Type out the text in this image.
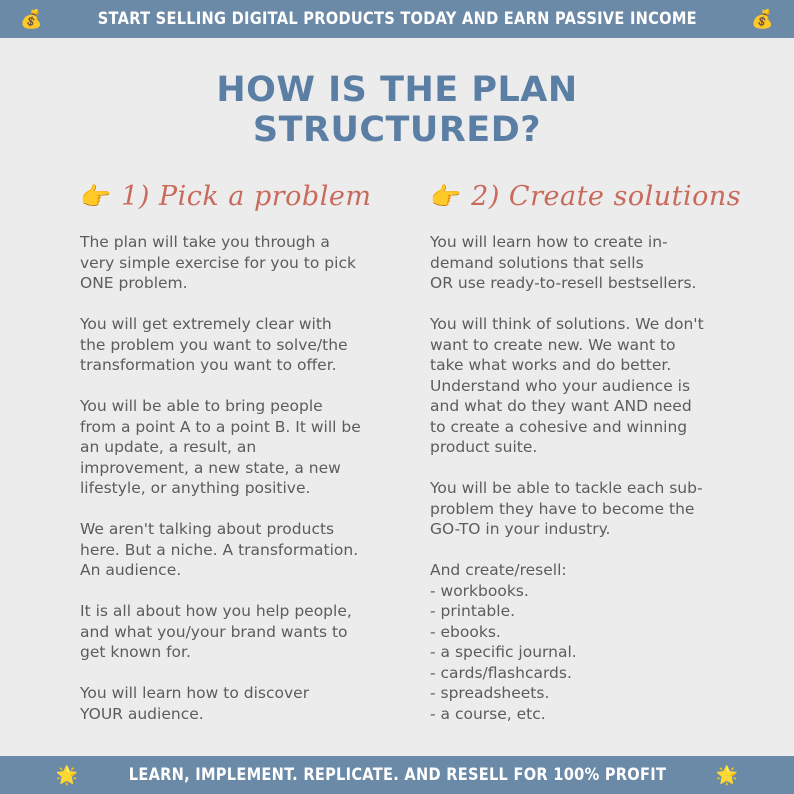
💰	START SELLING DIGITAL PRODUCTS TODAY AND EARN PASSIVE INCOME	💰
HOW IS THE PLAN
STRUCTURED?
👉 1) Pick a problem

The plan will take you through a
very simple exercise for you to pick
ONE problem.

You will get extremely clear with
the problem you want to solve/the
transformation you want to offer.

You will be able to bring people
from a point A to a point B. It will be
an update, a result, an
improvement, a new state, a new
lifestyle, or anything positive.

We aren't talking about products
here. But a niche. A transformation.
An audience.

It is all about how you help people,
and what you/your brand wants to
get known for.

You will learn how to discover
YOUR audience.

👉 2) Create solutions

You will learn how to create in-
demand solutions that sells
OR use ready-to-resell bestsellers.

You will think of solutions. We don't
want to create new. We want to
take what works and do better.
Understand who your audience is
and what do they want AND need
to create a cohesive and winning
product suite.

You will be able to tackle each sub-
problem they have to become the
GO-TO in your industry.

And create/resell:
- workbooks.
- printable.
- ebooks.
- a specific journal.
- cards/flashcards.
- spreadsheets.
- a course, etc.
🌟	LEARN, IMPLEMENT. REPLICATE. AND RESELL FOR 100% PROFIT	🌟
